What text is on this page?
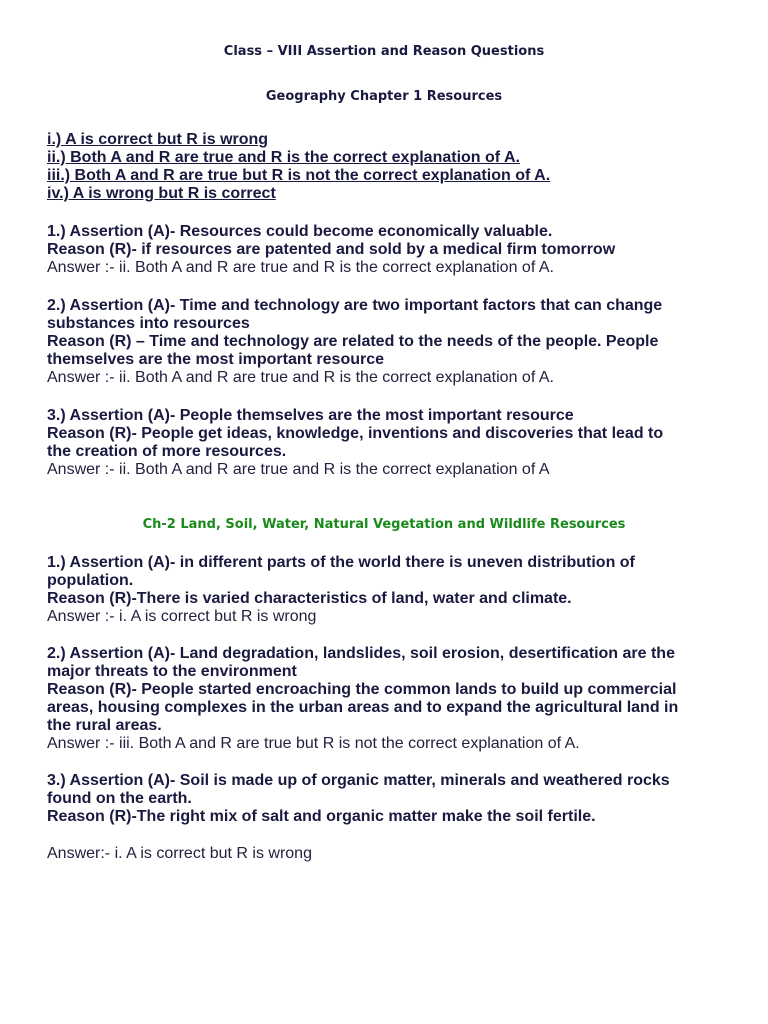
Class – VIII Assertion and Reason Questions
Geography Chapter 1 Resources
i.) A is correct but R is wrong
ii.) Both A and R are true and R is the correct explanation of A.
iii.) Both A and R are true but R is not the correct explanation of A.
iv.) A is wrong but R is correct
1.) Assertion (A)- Resources could become economically valuable.
Reason (R)- if resources are patented and sold by a medical firm tomorrow
Answer :- ii. Both A and R are true and R is the correct explanation of A.
2.) Assertion (A)- Time and technology are two important factors that can change
substances into resources
Reason (R) – Time and technology are related to the needs of the people. People
themselves are the most important resource
Answer :- ii. Both A and R are true and R is the correct explanation of A.
3.) Assertion (A)- People themselves are the most important resource
Reason (R)- People get ideas, knowledge, inventions and discoveries that lead to
the creation of more resources.
Answer :- ii. Both A and R are true and R is the correct explanation of A
Ch-2 Land, Soil, Water, Natural Vegetation and Wildlife Resources
1.) Assertion (A)- in different parts of the world there is uneven distribution of
population.
Reason (R)-There is varied characteristics of land, water and climate.
Answer :- i. A is correct but R is wrong
2.) Assertion (A)- Land degradation, landslides, soil erosion, desertification are the
major threats to the environment
Reason (R)- People started encroaching the common lands to build up commercial
areas, housing complexes in the urban areas and to expand the agricultural land in
the rural areas.
Answer :- iii. Both A and R are true but R is not the correct explanation of A.
3.) Assertion (A)- Soil is made up of organic matter, minerals and weathered rocks
found on the earth.
Reason (R)-The right mix of salt and organic matter make the soil fertile.
Answer:- i. A is correct but R is wrong
